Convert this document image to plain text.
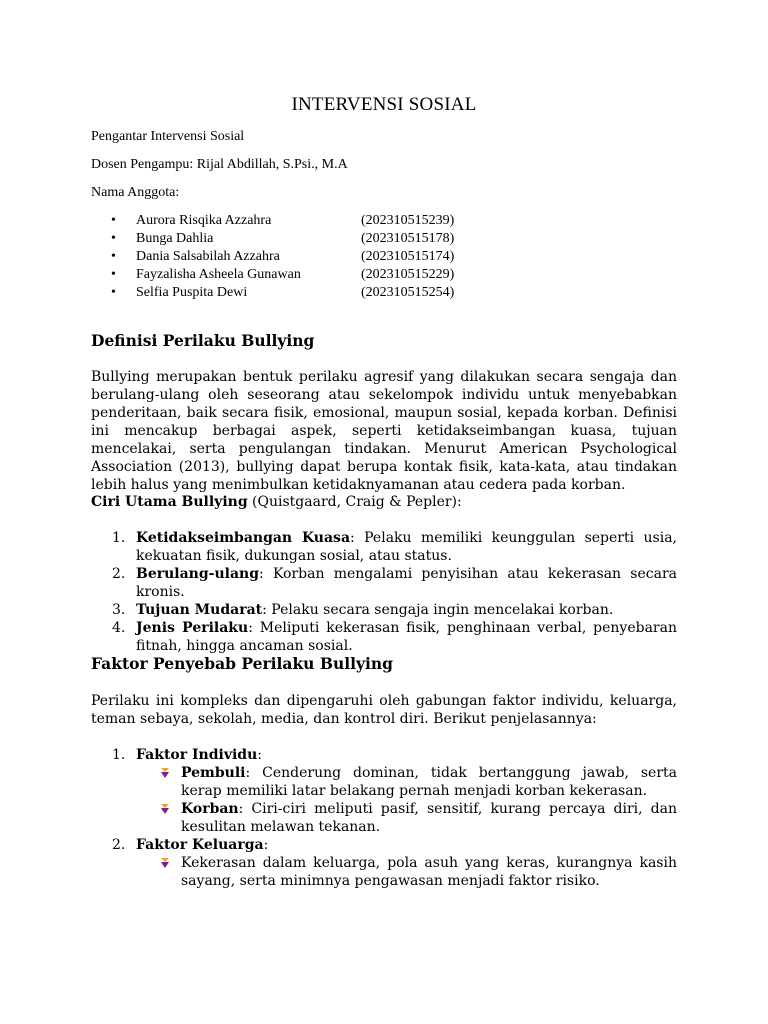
INTERVENSI SOSIAL
Pengantar Intervensi Sosial
Dosen Pengampu: Rijal Abdillah, S.Psi., M.A
Nama Anggota:
• Aurora Risqika Azzahra	(202310515239)
• Bunga Dahlia	(202310515178)
• Dania Salsabilah Azzahra	(202310515174)
• Fayzalisha Asheela Gunawan	(202310515229)
• Selfia Puspita Dewi	(202310515254)
Definisi Perilaku Bullying
Bullying merupakan bentuk perilaku agresif yang dilakukan secara sengaja dan berulang-ulang oleh seseorang atau sekelompok individu untuk menyebabkan penderitaan, baik secara fisik, emosional, maupun sosial, kepada korban. Definisi ini mencakup berbagai aspek, seperti ketidakseimbangan kuasa, tujuan mencelakai, serta pengulangan tindakan. Menurut American Psychological Association (2013), bullying dapat berupa kontak fisik, kata-kata, atau tindakan lebih halus yang menimbulkan ketidaknyamanan atau cedera pada korban.
Ciri Utama Bullying (Quistgaard, Craig & Pepler):
1. Ketidakseimbangan Kuasa: Pelaku memiliki keunggulan seperti usia, kekuatan fisik, dukungan sosial, atau status.
2. Berulang-ulang: Korban mengalami penyisihan atau kekerasan secara kronis.
3. Tujuan Mudarat: Pelaku secara sengaja ingin mencelakai korban.
4. Jenis Perilaku: Meliputi kekerasan fisik, penghinaan verbal, penyebaran fitnah, hingga ancaman sosial.
Faktor Penyebab Perilaku Bullying
Perilaku ini kompleks dan dipengaruhi oleh gabungan faktor individu, keluarga, teman sebaya, sekolah, media, dan kontrol diri. Berikut penjelasannya:
1. Faktor Individu:
Pembuli: Cenderung dominan, tidak bertanggung jawab, serta kerap memiliki latar belakang pernah menjadi korban kekerasan.
Korban: Ciri-ciri meliputi pasif, sensitif, kurang percaya diri, dan kesulitan melawan tekanan.
2. Faktor Keluarga:
Kekerasan dalam keluarga, pola asuh yang keras, kurangnya kasih sayang, serta minimnya pengawasan menjadi faktor risiko.
